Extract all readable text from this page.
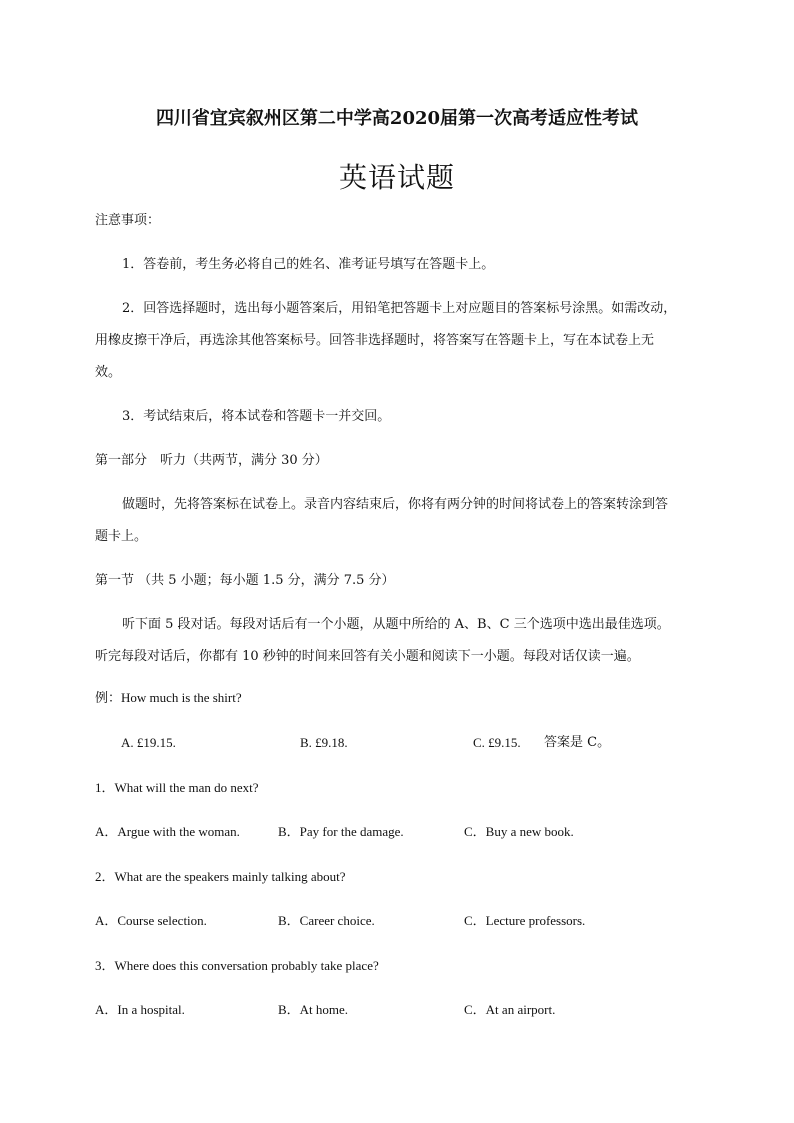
四川省宜宾叙州区第二中学高2020届第一次高考适应性考试
英语试题
注意事项：
1．答卷前，考生务必将自己的姓名、准考证号填写在答题卡上。
2．回答选择题时，选出每小题答案后，用铅笔把答题卡上对应题目的答案标号涂黑。如需改动，
用橡皮擦干净后，再选涂其他答案标号。回答非选择题时，将答案写在答题卡上，写在本试卷上无
效。
3．考试结束后，将本试卷和答题卡一并交回。
第一部分　听力（共两节，满分 30 分）
做题时，先将答案标在试卷上。录音内容结束后，你将有两分钟的时间将试卷上的答案转涂到答
题卡上。
第一节 （共 5 小题；每小题 1.5 分，满分 7.5 分）
听下面 5 段对话。每段对话后有一个小题，从题中所给的 A、B、C 三个选项中选出最佳选项。
听完每段对话后，你都有 10 秒钟的时间来回答有关小题和阅读下一小题。每段对话仅读一遍。
例：How much is the shirt?
A. £19.15.	B. £9.18.	C. £9.15. 答案是 C。
1．What will the man do next?
A．Argue with the woman.	B．Pay for the damage.	C．Buy a new book.
2．What are the speakers mainly talking about?
A．Course selection.	B．Career choice.	C．Lecture professors.
3．Where does this conversation probably take place?
A．In a hospital.	B．At home.	C．At an airport.
